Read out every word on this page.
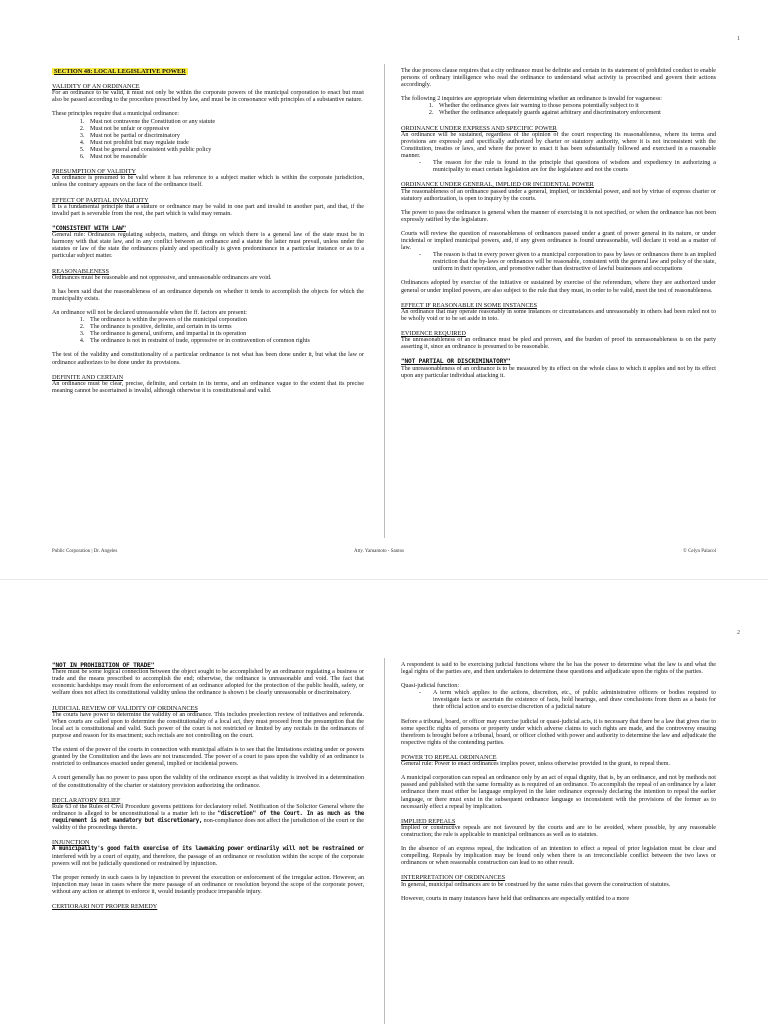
1
SECTION 48: LOCAL LEGISLATIVE POWER
VALIDITY OF AN ORDINANCE

For an ordinance to be valid, it must not only be within the corporate powers of the municipal corporation to enact but must also be passed according to the procedure prescribed by law, and must be in consonance with principles of a substantive nature.

These principles require that a municipal ordinance:

1. Must not contravene the Constitution or any statute
2. Must not be unfair or oppressive
3. Must not be partial or discriminatory
4. Must not prohibit but may regulate trade
5. Must be general and consistent with public policy
6. Must not be reasonable
PRESUMPTION OF VALIDITY

An ordinance is presumed to be valid where it has reference to a subject matter which is within the corporate jurisdiction, unless the contrary appears on the face of the ordinance itself.

EFFECT OF PARTIAL INVALIDITY

It is a fundamental principle that a stature or ordinance may be valid in one part and invalid in another part, and that, if the invalid part is severable from the rest, the part which is valid may remain.

"CONSISTENT WITH LAW"

General rule: Ordinances regulating subjects, matters, and things on which there is a general law of the state must be in harmony with that state law, and in any conflict between an ordinance and a statute the latter must prevail, unless under the statutes or law of the state the ordinances plainly and specifically is given predominance in a particular instance or as to a particular subject matter.

REASONABLENESS

Ordinances must be reasonable and not oppressive, and unreasonable ordinances are void.

It has been said that the reasonableness of an ordinance depends on whether it tends to accomplish the objects for which the municipality exists.

An ordinance will not be declared unreasonable when the ff. factors are present:

1. The ordinance is within the powers of the municipal corporation
2. The ordinance is positive, definite, and certain in its terms
3. The ordinance is general, uniform, and impartial in its operation
4. The ordinance is not in restraint of trade, oppressive or in contravention of common rights

The test of the validity and constitutionality of a particular ordinance is not what has been done under it, but what the law or ordinance authorizes to be done under its provisions.

DEFINITE AND CERTAIN

An ordinance must be clear, precise, definite, and certain in its terms, and an ordinance vague to the extent that its precise meaning cannot be ascertained is invalid, although otherwise it is constitutional and valid.

The due process clause requires that a city ordinance must be definite and certain in its statement of prohibited conduct to enable persons of ordinary intelligence who read the ordinance to understand what activity is proscribed and govern their actions accordingly.

The following 2 inquiries are appropriate when determining whether an ordinance is invalid for vagueness:

1. Whether the ordinance gives fair warning to those persons potentially subject to it
2. Whether the ordinance adequately guards against arbitrary and discriminatory enforcement
ORDINANCE UNDER EXPRESS AND SPECIFIC POWER

An ordinance will be sustained, regardless of the opinion of the court respecting its reasonableness, where its terms and provisions are expressly and specifically authorized by charter or statutory authority, where it is not inconsistent with the Constitution, treaties or laws, and where the power to enact it has been substantially followed and exercised in a reasonable manner.

- The reason for the rule is found in the principle that questions of wisdom and expediency in authorizing a municipality to enact certain legislation are for the legislature and not the courts
ORDINANCE UNDER GENERAL, IMPLIED OR INCIDENTAL POWER

The reasonableness of an ordinance passed under a general, implied, or incidental power, and not by virtue of express charter or statutory authorization, is open to inquiry by the courts.

The power to pass the ordinance is general when the manner of exercising it is not specified, or when the ordinance has not been expressly ratified by the legislature.

Courts will review the question of reasonableness of ordinances passed under a grant of power general in its nature, or under incidental or implied municipal powers, and, if any given ordinance is found unreasonable, will declare it void as a matter of law.

- The reason is that in every power given to a municipal corporation to pass by laws or ordinances there is an implied restriction that the by-laws or ordinances will be reasonable, consistent with the general law and policy of the state, uniform in their operation, and promotive rather than destructive of lawful businesses and occupations

Ordinances adopted by exercise of the initiative or sustained by exercise of the referendum, where they are authorized under general or under implied powers, are also subject to the rule that they must, in order to be valid, meet the test of reasonableness.

EFFECT IF REASONABLE IN SOME INSTANCES

An ordinance that may operate reasonably in some instances or circumstances and unreasonably in others had been ruled not to be wholly void or to be set aside in toto.

EVIDENCE REQUIRED

The unreasonableness of an ordinance must be pled and proven, and the burden of proof its unreasonableness is on the party asserting it, since an ordinance is presumed to be reasonable.

"NOT PARTIAL OR DISCRIMINATORY"

The unreasonableness of an ordinance is to be measured by its effect on the whole class to which it applies and not by its effect upon any particular individual attacking it.

Public Corporation | Dr. Angeles	Atty. Yamamoto - Santos	© Celyn Palacol
2
"NOT IN PROHIBITION OF TRADE"

There must be some logical connection between the object sought to be accomplished by an ordinance regulating a business or trade and the means prescribed to accomplish the end; otherwise, the ordinance is unreasonable and void. The fact that economic hardships may result from the enforcement of an ordinance adopted for the protection of the public health, safety, or welfare does not affect its constitutional validity unless the ordinance is shown t be clearly unreasonable or discriminatory.

JUDICIAL REVIEW OF VALIDITY OF ORDINANCES

The courts have power to determine the validity of an ordinance. This includes preelection review of initiatives and referenda. When courts are called upon to determine the constitutionality of a local act, they must proceed from the presumption that the local act is constitutional and valid. Such power of the court is not restricted or limited by any recitals in the ordinances of purpose and reason for its enactment; such recitals are not controlling on the court.

The extent of the power of the courts in connection with municipal affairs is to see that the limitations existing under or powers granted by the Constitution and the laws are not transcended. The power of a court to pass upon the validity of an ordinance is restricted to ordinances enacted under general, implied or incidental powers.

A court generally has no power to pass upon the validity of the ordinance except as that validity is involved in a determination of the constitutionality of the charter or statutory provision authorizing the ordinance.

DECLARATORY RELIEF

Rule 63 of the Rules of Civil Procedure governs petitions for declaratory relief. Notification of the Solicitor General where the ordinance is alleged to be unconstitutional is a matter left to the "discretion" of the Court. In as much as the requirement is not mandatory but discretionary, non-compliance does not affect the jurisdiction of the court or the validity of the proceedings therein.

INJUNCTION

A municipality's good faith exercise of its lawmaking power ordinarily will not be restrained or interfered with by a court of equity, and therefore, the passage of an ordinance or resolution within the scope of the corporate powers will not be judicially questioned or restrained by injunction.

The proper remedy in such cases is by injunction to prevent the execution or enforcement of the irregular action. However, an injunction may issue in cases where the mere passage of an ordinance or resolution beyond the scope of the corporate power, without any action or attempt to enforce it, would instantly produce irreparable injury.

CERTIORARI NOT PROPER REMEDY

A respondent is said to be exercising judicial functions where the he has the power to determine what the law is and what the legal rights of the parties are, and then undertakes to determine these questions and adjudicate upon the rights of the parties.

Quasi-judicial function:

- A term which applies to the actions, discretion, etc., of public administrative officers or bodies required to investigate facts or ascertain the existence of facts, hold hearings, and draw conclusions from them as a basis for their official action and to exercise discretion of a judicial nature

Before a tribunal, board, or officer may exercise judicial or quasi-judicial acts, it is necessary that there be a law that gives rise to some specific rights of persons or property under which adverse claims to such rights are made, and the controversy ensuing therefrom is brought before a tribunal, board, or officer clothed with power and authority to determine the law and adjudicate the respective rights of the contending parties.

POWER TO REPEAL ORDINANCE

General rule: Power to enact ordinances implies power, unless otherwise provided in the grant, to repeal them.

A municipal corporation can repeal an ordinance only by an act of equal dignity, that is, by an ordinance, and not by methods not passed and published with the same formality as is required of an ordinance. To accomplish the repeal of an ordinance by a later ordinance there must either be language employed in the later ordinance expressly declaring the intention to repeal the earlier language, or there must exist in the subsequent ordinance language so inconsistent with the provisions of the former as to necessarily effect a repeal by implication.

IMPLIED REPEALS

Implied or constructive repeals are not favoured by the courts and are to be avoided, where possible, by any reasonable construction; the rule is applicable to municipal ordinances as well as to statutes.

In the absence of an express repeal, the indication of an intention to effect a repeal of prior legislation must be clear and compelling. Repeals by implication may be found only when there is an irreconcilable conflict between the two laws or ordinances or when reasonable construction can lead to no other result.

INTERPRETATION OF ORDINANCES

In general, municipal ordinances are to be construed by the same rules that govern the construction of statutes.

However, courts in many instances have held that ordinances are especially entitled to a more
